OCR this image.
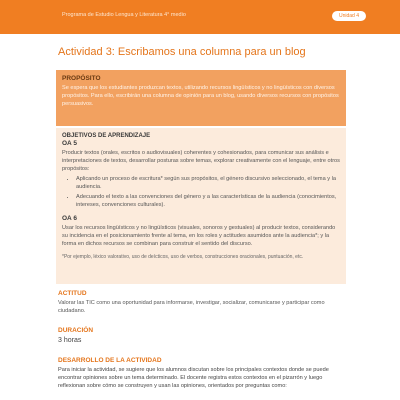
Programa de Estudio Lengua y Literatura 4° medio	Unidad 4
Actividad 3: Escribamos una columna para un blog
PROPÓSITO
Se espera que los estudiantes produzcan textos, utilizando recursos lingüísticos y no lingüísticos con diversos propósitos. Para ello, escribirán una columna de opinión para un blog, usando diversos recursos con propósitos persuasivos.
OBJETIVOS DE APRENDIZAJE
OA 5
Producir textos (orales, escritos o audiovisuales) coherentes y cohesionados, para comunicar sus análisis e interpretaciones de textos, desarrollar posturas sobre temas, explorar creativamente con el lenguaje, entre otros propósitos:
• Aplicando un proceso de escritura* según sus propósitos, el género discursivo seleccionado, el tema y la audiencia.
• Adecuando el texto a las convenciones del género y a las características de la audiencia (conocimientos, intereses, convenciones culturales).
OA 6
Usar los recursos lingüísticos y no lingüísticos (visuales, sonoros y gestuales) al producir textos, considerando su incidencia en el posicionamiento frente al tema, en los roles y actitudes asumidos ante la audiencia*; y la forma en dichos recursos se combinan para construir el sentido del discurso.
*Por ejemplo, léxico valorativo, uso de deícticos, uso de verbos, construcciones oracionales, puntuación, etc.
ACTITUD
Valorar las TIC como una oportunidad para informarse, investigar, socializar, comunicarse y participar como ciudadano.
DURACIÓN
3 horas
DESARROLLO DE LA ACTIVIDAD
Para iniciar la actividad, se sugiere que los alumnos discutan sobre los principales contextos donde se puede encontrar opiniones sobre un tema determinado. El docente registra estos contextos en el pizarrón y luego reflexionan sobre cómo se construyen y usan las opiniones, orientados por preguntas como:
